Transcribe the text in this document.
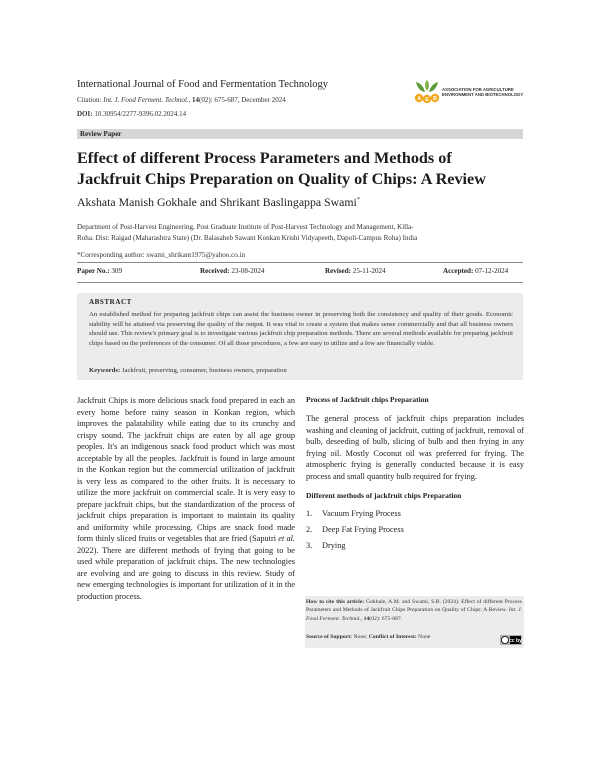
International Journal of Food and Fermentation Technology
Citation: Int. J. Food Ferment. Technol., 14(02): 675-687, December 2024
DOI: 10.30954/2277-9396.02.2024.14
A E B
ASSOCIATION FOR AGRICULTURE
ENVIRONMENT AND BIOTECHNOLOGY
Review Paper
Effect of different Process Parameters and Methods of
Jackfruit Chips Preparation on Quality of Chips: A Review
Akshata Manish Gokhale and Shrikant Baslingappa Swami*
Department of Post-Harvest Engineering, Post Graduate Institute of Post-Harvest Technology and Management, Killa-
Roha. Dist: Raigad (Maharashtra State) (Dr. Balasaheb Sawant Konkan Krishi Vidyapeeth, Dapoli-Campus Roha) India
*Corresponding author: swami_shrikant1975@yahoo.co.in
Paper No.: 309	Received: 23-08-2024	Revised: 25-11-2024	Accepted: 07-12-2024
ABSTRACT
An established method for preparing jackfruit chips can assist the business owner in preserving both the consistency and quality of their goods. Economic stability will be attained via preserving the quality of the output. It was vital to create a system that makes sense commercially and that all business owners should use. This review's primary goal is to investigate various jackfruit chip preparation methods. There are several methods available for preparing jackfruit chips based on the preferences of the consumer. Of all those procedures, a few are easy to utilize and a few are financially viable.
Keywords: Jackfruit, preserving, consumer, business owners, preparation
Jackfruit Chips is more delicious snack food prepared in each an every home before rainy season in Konkan region, which improves the palatability while eating due to its crunchy and crispy sound. The jackfruit chips are eaten by all age group peoples. It's an indigenous snack food product which was most acceptable by all the peoples. Jackfruit is found in large amount in the Konkan region but the commercial utilization of jackfruit is very less as compared to the other fruits. It is necessary to utilize the more jackfruit on commercial scale. It is very easy to prepare jackfruit chips, but the standardization of the process of jackfruit chips preparation is important to maintain its quality and uniformity while processing. Chips are snack food made form thinly sliced fruits or vegetables that are fried (Saputri et al. 2022). There are different methods of frying that going to be used while preparation of jackfruit chips. The new technologies are evolving and are going to discuss in this review. Study of new emerging technologies is important for utilization of it in the production process.
Process of Jackfruit chips Preparation
The general process of jackfruit chips preparation includes washing and cleaning of jackfruit, cutting of jackfruit, removal of bulb, deseeding of bulb, slicing of bulb and then frying in any frying oil. Mostly Coconut oil was preferred for frying. The atmospheric frying is generally conducted because it is easy process and small quantity bulb required for frying.
Different methods of jackfruit chips Preparation
1.	Vacuum Frying Process
2.	Deep Fat Frying Process
3.	Drying
How to cite this article: Gokhale, A.M. and Swami, S.B. (2024). Effect of different Process Parameters and Methods of Jackfruit Chips Preparation on Quality of Chips: A Review. Int. J. Food Ferment. Technol., 14(02): 675-687.
Source of Support: None; Conflict of Interest: None
cc by
